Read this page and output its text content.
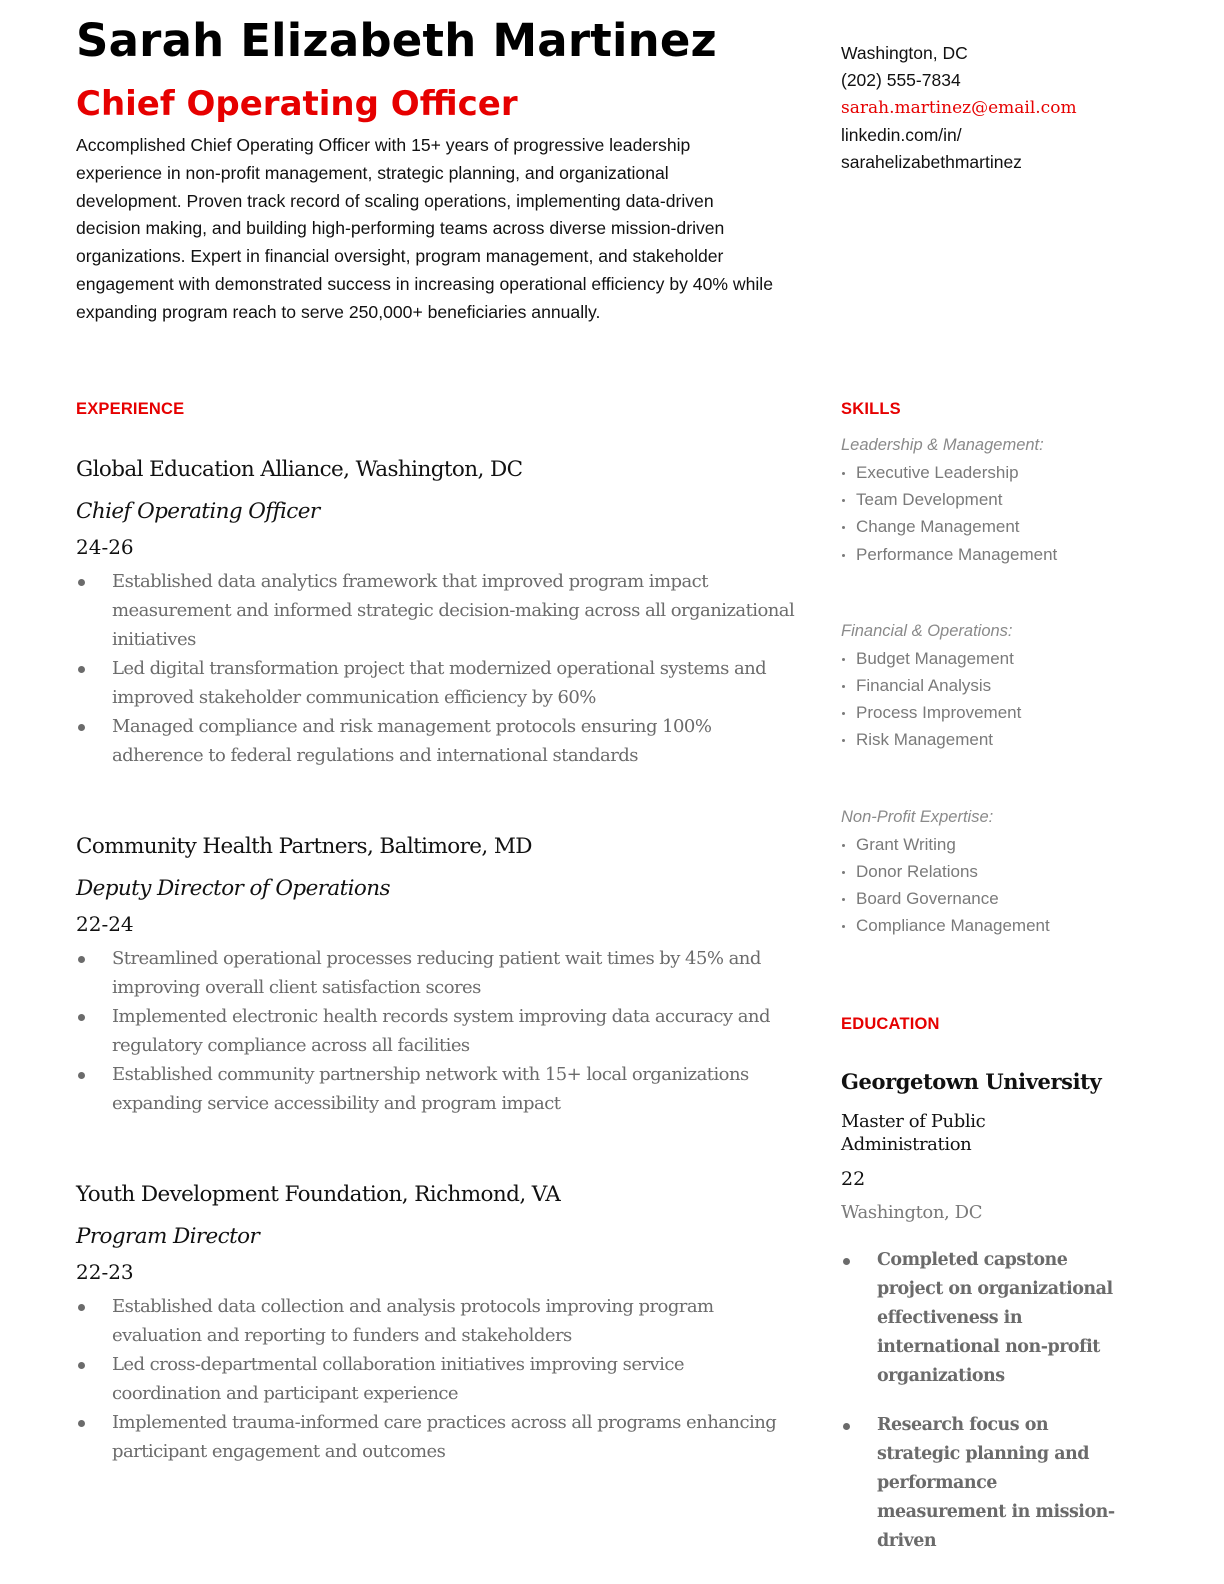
Sarah Elizabeth Martinez
Chief Operating Officer

Accomplished Chief Operating Officer with 15+ years of progressive leadership experience in non-profit management, strategic planning, and organizational development. Proven track record of scaling operations, implementing data-driven decision making, and building high-performing teams across diverse mission-driven organizations. Expert in financial oversight, program management, and stakeholder engagement with demonstrated success in increasing operational efficiency by 40% while expanding program reach to serve 250,000+ beneficiaries annually.

Washington, DC
(202) 555-7834
sarah.martinez@email.com
linkedin.com/in/
sarahelizabethmartinez
EXPERIENCE
Global Education Alliance, Washington, DC
Chief Operating Officer
24-26
Established data analytics framework that improved program impact measurement and informed strategic decision-making across all organizational initiatives
Led digital transformation project that modernized operational systems and improved stakeholder communication efficiency by 60%
Managed compliance and risk management protocols ensuring 100% adherence to federal regulations and international standards
Community Health Partners, Baltimore, MD
Deputy Director of Operations
22-24
Streamlined operational processes reducing patient wait times by 45% and improving overall client satisfaction scores
Implemented electronic health records system improving data accuracy and regulatory compliance across all facilities
Established community partnership network with 15+ local organizations expanding service accessibility and program impact
Youth Development Foundation, Richmond, VA
Program Director
22-23
Established data collection and analysis protocols improving program evaluation and reporting to funders and stakeholders
Led cross-departmental collaboration initiatives improving service coordination and participant experience
Implemented trauma-informed care practices across all programs enhancing participant engagement and outcomes
SKILLS

Leadership & Management:

Executive Leadership
Team Development
Change Management
Performance Management

Financial & Operations:

Budget Management
Financial Analysis
Process Improvement
Risk Management

Non-Profit Expertise:

Grant Writing
Donor Relations
Board Governance
Compliance Management
EDUCATION
Georgetown University
Master of Public Administration
22
Washington, DC
Completed capstone project on organizational effectiveness in international non-profit organizations
Research focus on strategic planning and performance measurement in mission-driven
